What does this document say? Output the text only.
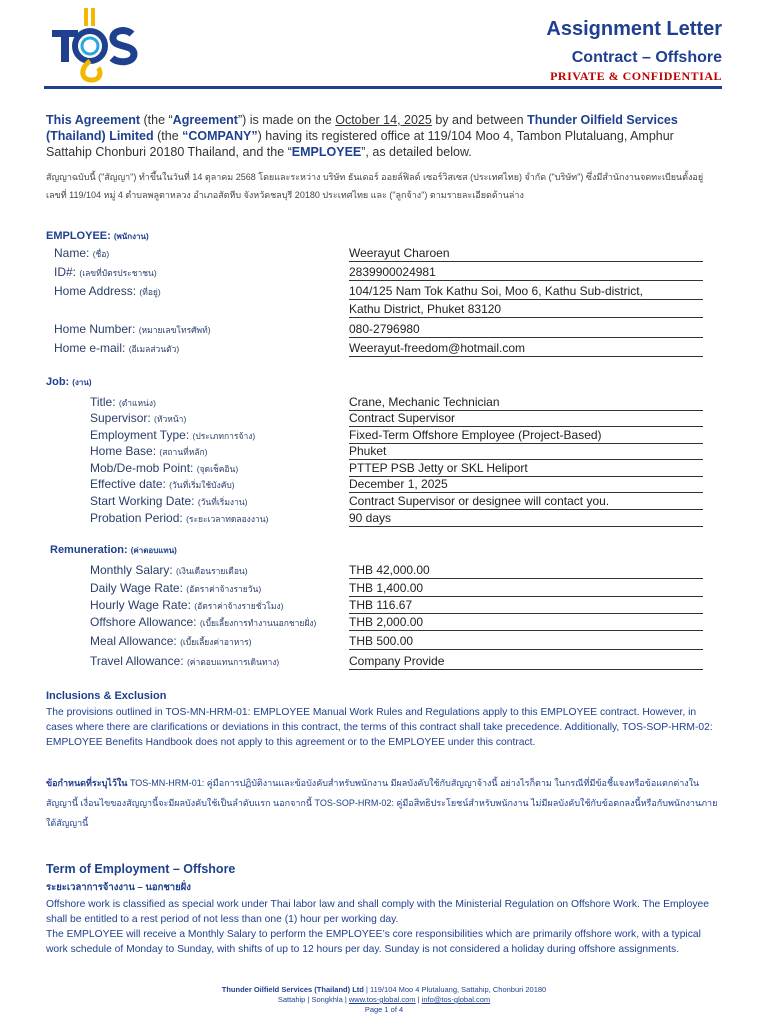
Assignment Letter
Contract – Offshore
PRIVATE & CONFIDENTIAL
This Agreement (the “Agreement”) is made on the October 14, 2025 by and between Thunder Oilfield Services (Thailand) Limited (the “COMPANY”) having its registered office at 119/104 Moo 4, Tambon Plutaluang, Amphur Sattahip Chonburi 20180 Thailand, and the “EMPLOYEE”, as detailed below.
สัญญาฉบับนี้ ("สัญญา") ทำขึ้นในวันที่ 14 ตุลาคม 2568 โดยและระหว่าง บริษัท ธันเดอร์ ออยล์ฟิลด์ เซอร์วิสเซส (ประเทศไทย) จำกัด ("บริษัท") ซึ่งมีสำนักงานจดทะเบียนตั้งอยู่เลขที่ 119/104 หมู่ 4 ตำบลพลูตาหลวง อำเภอสัตหีบ จังหวัดชลบุรี 20180 ประเทศไทย และ ("ลูกจ้าง") ตามรายละเอียดด้านล่าง
EMPLOYEE: (พนักงาน)
Name: (ชื่อ)	Weerayut Charoen
ID#: (เลขที่บัตรประชาชน)	2839900024981
Home Address: (ที่อยู่)	104/125 Nam Tok Kathu Soi, Moo 6, Kathu Sub-district,
Kathu District, Phuket 83120
Home Number: (หมายเลขโทรศัพท์)	080-2796980
Home e-mail: (อีเมลส่วนตัว)	Weerayut-freedom@hotmail.com
Job: (งาน)
Title: (ตำแหน่ง)	Crane, Mechanic Technician
Supervisor: (หัวหน้า)	Contract Supervisor
Employment Type: (ประเภทการจ้าง)	Fixed-Term Offshore Employee (Project-Based)
Home Base: (สถานที่หลัก)	Phuket
Mob/De-mob Point: (จุดเช็คอิน)	PTTEP PSB Jetty or SKL Heliport
Effective date: (วันที่เริ่มใช้บังคับ)	December 1, 2025
Start Working Date: (วันที่เริ่มงาน)	Contract Supervisor or designee will contact you.
Probation Period: (ระยะเวลาทดลองงาน)	90 days
Remuneration: (ค่าตอบแทน)
Monthly Salary: (เงินเดือนรายเดือน)	THB 42,000.00
Daily Wage Rate: (อัตราค่าจ้างรายวัน)	THB 1,400.00
Hourly Wage Rate: (อัตราค่าจ้างรายชั่วโมง)	THB 116.67
Offshore Allowance: (เบี้ยเลี้ยงการทำงานนอกชายฝั่ง)	THB 2,000.00
Meal Allowance: (เบี้ยเลี้ยงค่าอาหาร)	THB 500.00
Travel Allowance: (ค่าตอบแทนการเดินทาง)	Company Provide
Inclusions & Exclusion
The provisions outlined in TOS-MN-HRM-01: EMPLOYEE Manual Work Rules and Regulations apply to this EMPLOYEE contract. However, in cases where there are clarifications or deviations in this contract, the terms of this contract shall take precedence. Additionally, TOS-SOP-HRM-02: EMPLOYEE Benefits Handbook does not apply to this agreement or to the EMPLOYEE under this contract.
ข้อกำหนดที่ระบุไว้ใน TOS-MN-HRM-01: คู่มือการปฏิบัติงานและข้อบังคับสำหรับพนักงาน มีผลบังคับใช้กับสัญญาจ้างนี้ อย่างไรก็ตาม ในกรณีที่มีข้อชี้แจงหรือข้อแตกต่างในสัญญานี้ เงื่อนไขของสัญญานี้จะมีผลบังคับใช้เป็นลำดับแรก นอกจากนี้ TOS-SOP-HRM-02: คู่มือสิทธิประโยชน์สำหรับพนักงาน ไม่มีผลบังคับใช้กับข้อตกลงนี้หรือกับพนักงานภายใต้สัญญานี้
Term of Employment – Offshore
ระยะเวลาการจ้างงาน – นอกชายฝั่ง
Offshore work is classified as special work under Thai labor law and shall comply with the Ministerial Regulation on Offshore Work. The Employee shall be entitled to a rest period of not less than one (1) hour per working day.
The EMPLOYEE will receive a Monthly Salary to perform the EMPLOYEE’s core responsibilities which are primarily offshore work, with a typical work schedule of Monday to Sunday, with shifts of up to 12 hours per day. Sunday is not considered a holiday during offshore assignments.
Thunder Oilfield Services (Thailand) Ltd | 119/104 Moo 4 Plutaluang, Sattahip, Chonburi 20180
Sattahip | Songkhla | www.tos-global.com | info@tos-global.com
Page 1 of 4
